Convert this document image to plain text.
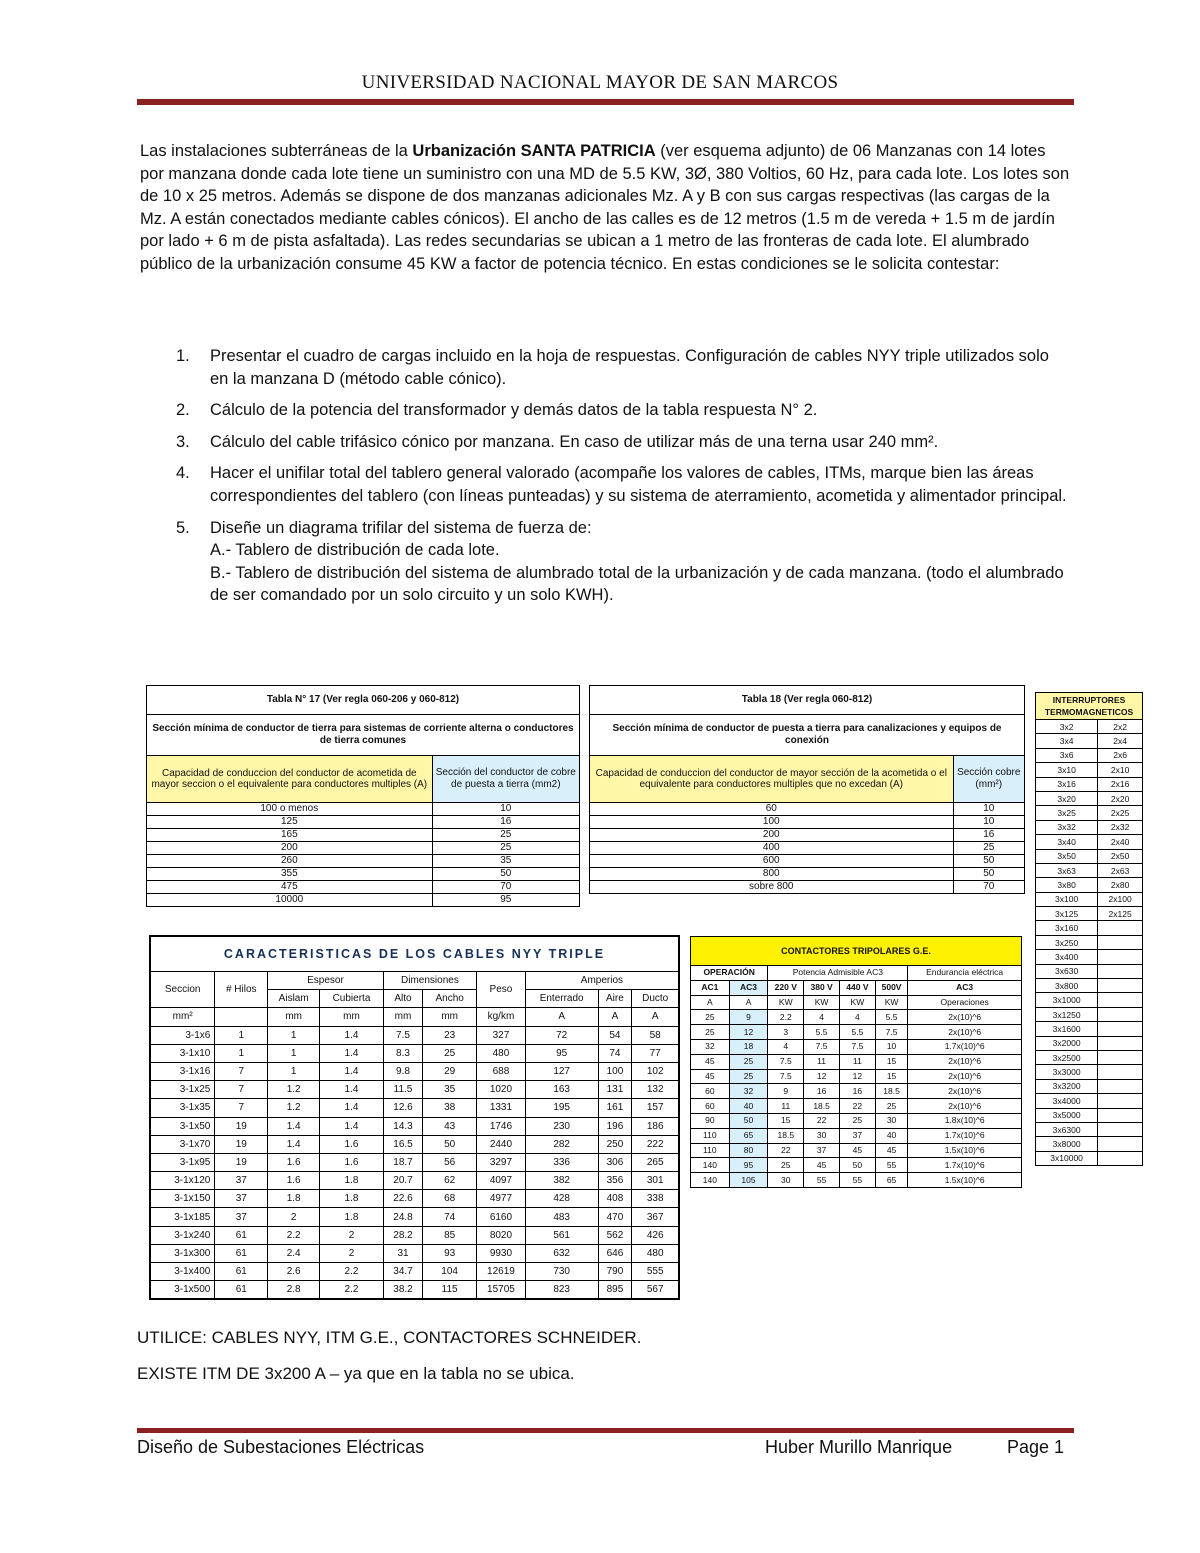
UNIVERSIDAD NACIONAL MAYOR DE SAN MARCOS
Las instalaciones subterráneas de la Urbanización SANTA PATRICIA (ver esquema adjunto) de 06 Manzanas con 14 lotes por manzana donde cada lote tiene un suministro con una MD de 5.5 KW, 3Ø, 380 Voltios, 60 Hz, para cada lote. Los lotes son de 10 x 25 metros. Además se dispone de dos manzanas adicionales Mz. A y B con sus cargas respectivas (las cargas de la Mz. A están conectados mediante cables cónicos). El ancho de las calles es de 12 metros (1.5 m de vereda + 1.5 m de jardín por lado + 6 m de pista asfaltada). Las redes secundarias se ubican a 1 metro de las fronteras de cada lote. El alumbrado público de la urbanización consume 45 KW a factor de potencia técnico. En estas condiciones se le solicita contestar:
1. Presentar el cuadro de cargas incluido en la hoja de respuestas. Configuración de cables NYY triple utilizados solo en la manzana D (método cable cónico).
2. Cálculo de la potencia del transformador y demás datos de la tabla respuesta N° 2.
3. Cálculo del cable trifásico cónico por manzana. En caso de utilizar más de una terna usar 240 mm².
4. Hacer el unifilar total del tablero general valorado (acompañe los valores de cables, ITMs, marque bien las áreas correspondientes del tablero (con líneas punteadas) y su sistema de aterramiento, acometida y alimentador principal.
5. Diseñe un diagrama trifilar del sistema de fuerza de:
A.- Tablero de distribución de cada lote.
B.- Tablero de distribución del sistema de alumbrado total de la urbanización y de cada manzana. (todo el alumbrado de ser comandado por un solo circuito y un solo KWH).
Tabla N° 17 (Ver regla 060-206 y 060-812)	
Sección mínima de conductor de tierra para sistemas de corriente alterna o conductores de tierra comunes	
Capacidad de conduccion del conductor de acometida de mayor seccion o el equivalente para conductores multiples (A)	Sección del conductor de cobre de puesta a tierra (mm2)
100 o menos	10
125	16
165	25
200	25
260	35
355	50
475	70
10000	95
Tabla 18 (Ver regla 060-812)	
Sección mínima de conductor de puesta a tierra para canalizaciones y equipos de conexión	
Capacidad de conduccion del conductor de mayor sección de la acometida o el equivalente para conductores multiples que no excedan (A)	Sección cobre (mm²)
60	10
100	10
200	16
400	25
600	50
800	50
sobre 800	70
INTERRUPTORES TERMOMAGNETICOS	
3x2	2x2
3x4	2x4
3x6	2x6
3x10	2x10
3x16	2x16
3x20	2x20
3x25	2x25
3x32	2x32
3x40	2x40
3x50	2x50
3x63	2x63
3x80	2x80
3x100	2x100
3x125	2x125
3x160	
3x250	
3x400	
3x630	
3x800	
3x1000	
3x1250	
3x1600	
3x2000	
3x2500	
3x3000	
3x3200	
3x4000	
3x5000	
3x6300	
3x8000	
3x10000	
CARACTERISTICAS DE LOS CABLES NYY TRIPLE									
Seccion	# Hilos	Espesor		Dimensiones		Peso	Amperios		
		Aislam	Cubierta	Alto	Ancho		Enterrado	Aire	Ducto
mm²		mm	mm	mm	mm	kg/km	A	A	A
3-1x6	1	1	1.4	7.5	23	327	72	54	58
3-1x10	1	1	1.4	8.3	25	480	95	74	77
3-1x16	7	1	1.4	9.8	29	688	127	100	102
3-1x25	7	1.2	1.4	11.5	35	1020	163	131	132
3-1x35	7	1.2	1.4	12.6	38	1331	195	161	157
3-1x50	19	1.4	1.4	14.3	43	1746	230	196	186
3-1x70	19	1.4	1.6	16.5	50	2440	282	250	222
3-1x95	19	1.6	1.6	18.7	56	3297	336	306	265
3-1x120	37	1.6	1.8	20.7	62	4097	382	356	301
3-1x150	37	1.8	1.8	22.6	68	4977	428	408	338
3-1x185	37	2	1.8	24.8	74	6160	483	470	367
3-1x240	61	2.2	2	28.2	85	8020	561	562	426
3-1x300	61	2.4	2	31	93	9930	632	646	480
3-1x400	61	2.6	2.2	34.7	104	12619	730	790	555
3-1x500	61	2.8	2.2	38.2	115	15705	823	895	567
CONTACTORES TRIPOLARES G.E.						
OPERACIÓN		Potencia Admisible AC3				Endurancia eléctrica
AC1	AC3	220 V	380 V	440 V	500V	AC3
A	A	KW	KW	KW	KW	Operaciones
25	9	2.2	4	4	5.5	2x(10)^6
25	12	3	5.5	5.5	7.5	2x(10)^6
32	18	4	7.5	7.5	10	1.7x(10)^6
45	25	7.5	11	11	15	2x(10)^6
45	25	7.5	12	12	15	2x(10)^6
60	32	9	16	16	18.5	2x(10)^6
60	40	11	18.5	22	25	2x(10)^6
90	50	15	22	25	30	1.8x(10)^6
110	65	18.5	30	37	40	1.7x(10)^6
110	80	22	37	45	45	1.5x(10)^6
140	95	25	45	50	55	1.7x(10)^6
140	105	30	55	55	65	1.5x(10)^6
UTILICE: CABLES NYY, ITM G.E., CONTACTORES SCHNEIDER.
EXISTE ITM DE 3x200 A – ya que en la tabla no se ubica.
Diseño de Subestaciones Eléctricas	Huber Murillo Manrique	Page 1
